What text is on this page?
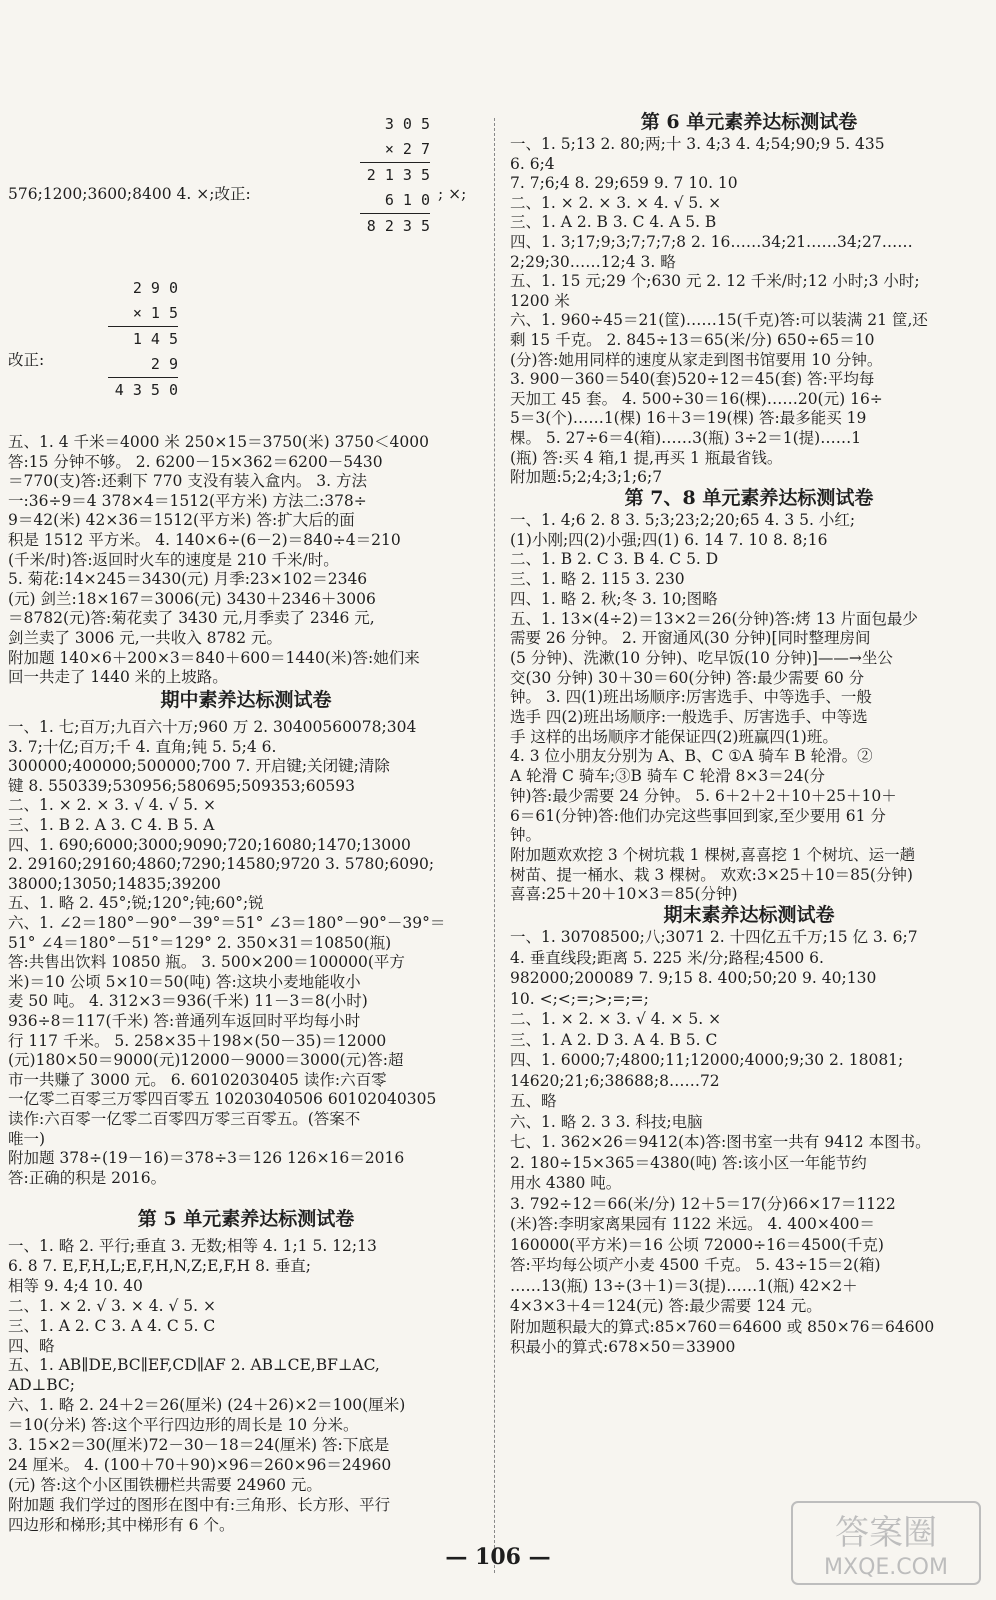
3 0 5
× 2 7
2 1 3 5
6 1 0
8 2 3 5
576;1200;3600;8400 4. ×;改正:	; ×;
2 9 0
× 1 5
1 4 5
2 9
4 3 5 0
改正:
五、1. 4 千米＝4000 米 250×15＝3750(米) 3750＜4000
答:15 分钟不够。 2. 6200－15×362＝6200－5430
＝770(支)答:还剩下 770 支没有装入盒内。 3. 方法
一:36÷9＝4 378×4＝1512(平方米) 方法二:378÷
9＝42(米) 42×36＝1512(平方米) 答:扩大后的面
积是 1512 平方米。 4. 140×6÷(6－2)＝840÷4＝210
(千米/时)答:返回时火车的速度是 210 千米/时。
5. 菊花:14×245＝3430(元) 月季:23×102＝2346
(元) 剑兰:18×167＝3006(元) 3430＋2346＋3006
＝8782(元)答:菊花卖了 3430 元,月季卖了 2346 元,
剑兰卖了 3006 元,一共收入 8782 元。
附加题 140×6＋200×3＝840＋600＝1440(米)答:她们来
回一共走了 1440 米的上坡路。
期中素养达标测试卷
一、1. 七;百万;九百六十万;960 万 2. 30400560078;304
3. 7;十亿;百万;千 4. 直角;钝 5. 5;4 6.
300000;400000;500000;700 7. 开启键;关闭键;清除
键 8. 550339;530956;580695;509353;60593
二、1. × 2. × 3. √ 4. √ 5. ×
三、1. B 2. A 3. C 4. B 5. A
四、1. 690;6000;3000;9090;720;16080;1470;13000
2. 29160;29160;4860;7290;14580;9720 3. 5780;6090;
38000;13050;14835;39200
五、1. 略 2. 45°;锐;120°;钝;60°;锐
六、1. ∠2＝180°－90°－39°＝51° ∠3＝180°－90°－39°＝
51° ∠4＝180°－51°＝129° 2. 350×31＝10850(瓶)
答:共售出饮料 10850 瓶。 3. 500×200＝100000(平方
米)＝10 公顷 5×10＝50(吨) 答:这块小麦地能收小
麦 50 吨。 4. 312×3＝936(千米) 11－3＝8(小时)
936÷8＝117(千米) 答:普通列车返回时平均每小时
行 117 千米。 5. 258×35＋198×(50－35)＝12000
(元)180×50＝9000(元)12000－9000＝3000(元)答:超
市一共赚了 3000 元。 6. 60102030405 读作:六百零
一亿零二百零三万零四百零五 10203040506 60102040305
读作:六百零一亿零二百零四万零三百零五。(答案不
唯一)
附加题 378÷(19－16)＝378÷3＝126 126×16＝2016
答:正确的积是 2016。
第 5 单元素养达标测试卷
一、1. 略 2. 平行;垂直 3. 无数;相等 4. 1;1 5. 12;13
6. 8 7. E,F,H,L;E,F,H,N,Z;E,F,H 8. 垂直;
相等 9. 4;4 10. 40
二、1. × 2. √ 3. × 4. √ 5. ×
三、1. A 2. C 3. A 4. C 5. C
四、略
五、1. AB∥DE,BC∥EF,CD∥AF 2. AB⊥CE,BF⊥AC,
AD⊥BC;
六、1. 略 2. 24＋2＝26(厘米) (24＋26)×2＝100(厘米)
＝10(分米) 答:这个平行四边形的周长是 10 分米。
3. 15×2＝30(厘米)72－30－18＝24(厘米) 答:下底是
24 厘米。 4. (100＋70＋90)×96＝260×96＝24960
(元) 答:这个小区围铁栅栏共需要 24960 元。
附加题 我们学过的图形在图中有:三角形、长方形、平行
四边形和梯形;其中梯形有 6 个。
第 6 单元素养达标测试卷
一、1. 5;13 2. 80;两;十 3. 4;3 4. 4;54;90;9 5. 435
6. 6;4
7. 7;6;4 8. 29;659 9. 7 10. 10
二、1. × 2. × 3. × 4. √ 5. ×
三、1. A 2. B 3. C 4. A 5. B
四、1. 3;17;9;3;7;7;7;8 2. 16……34;21……34;27……
2;29;30……12;4 3. 略
五、1. 15 元;29 个;630 元 2. 12 千米/时;12 小时;3 小时;
1200 米
六、1. 960÷45＝21(筐)……15(千克)答:可以装满 21 筐,还
剩 15 千克。 2. 845÷13＝65(米/分) 650÷65＝10
(分)答:她用同样的速度从家走到图书馆要用 10 分钟。
3. 900－360＝540(套)520÷12＝45(套) 答:平均每
天加工 45 套。 4. 500÷30＝16(棵)……20(元) 16÷
5＝3(个)……1(棵) 16＋3＝19(棵) 答:最多能买 19
棵。 5. 27÷6＝4(箱)……3(瓶) 3÷2＝1(提)……1
(瓶) 答:买 4 箱,1 提,再买 1 瓶最省钱。
附加题:5;2;4;3;1;6;7
第 7、8 单元素养达标测试卷
一、1. 4;6 2. 8 3. 5;3;23;2;20;65 4. 3 5. 小红;
(1)小刚;四(2)小强;四(1) 6. 14 7. 10 8. 8;16
二、1. B 2. C 3. B 4. C 5. D
三、1. 略 2. 115 3. 230
四、1. 略 2. 秋;冬 3. 10;图略
五、1. 13×(4÷2)＝13×2＝26(分钟)答:烤 13 片面包最少
需要 26 分钟。 2. 开窗通风(30 分钟)[同时整理房间
(5 分钟)、洗漱(10 分钟)、吃早饭(10 分钟)]——→坐公
交(30 分钟) 30＋30＝60(分钟) 答:最少需要 60 分
钟。 3. 四(1)班出场顺序:厉害选手、中等选手、一般
选手 四(2)班出场顺序:一般选手、厉害选手、中等选
手 这样的出场顺序才能保证四(2)班赢四(1)班。
4. 3 位小朋友分别为 A、B、C ①A 骑车 B 轮滑。②
A 轮滑 C 骑车;③B 骑车 C 轮滑 8×3＝24(分
钟)答:最少需要 24 分钟。 5. 6＋2＋2＋10＋25＋10＋
6＝61(分钟)答:他们办完这些事回到家,至少要用 61 分
钟。
附加题欢欢挖 3 个树坑栽 1 棵树,喜喜挖 1 个树坑、运一趟
树苗、提一桶水、栽 3 棵树。 欢欢:3×25＋10＝85(分钟)
喜喜:25＋20＋10×3＝85(分钟)
期末素养达标测试卷
一、1. 30708500;八;3071 2. 十四亿五千万;15 亿 3. 6;7
4. 垂直线段;距离 5. 225 米/分;路程;4500 6.
982000;200089 7. 9;15 8. 400;50;20 9. 40;130
10. <;<;=;>;=;=;
二、1. × 2. × 3. √ 4. × 5. ×
三、1. A 2. D 3. A 4. B 5. C
四、1. 6000;7;4800;11;12000;4000;9;30 2. 18081;
14620;21;6;38688;8……72
五、略
六、1. 略 2. 3 3. 科技;电脑
七、1. 362×26＝9412(本)答:图书室一共有 9412 本图书。
2. 180÷15×365＝4380(吨) 答:该小区一年能节约
用水 4380 吨。
3. 792÷12＝66(米/分) 12＋5＝17(分)66×17＝1122
(米)答:李明家离果园有 1122 米远。 4. 400×400＝
160000(平方米)＝16 公顷 72000÷16＝4500(千克)
答:平均每公顷产小麦 4500 千克。 5. 43÷15＝2(箱)
……13(瓶) 13÷(3＋1)＝3(提)……1(瓶) 42×2＋
4×3×3＋4＝124(元) 答:最少需要 124 元。
附加题积最大的算式:85×760＝64600 或 850×76＝64600
积最小的算式:678×50＝33900
— 106 —
答案圈
MXQE.COM
